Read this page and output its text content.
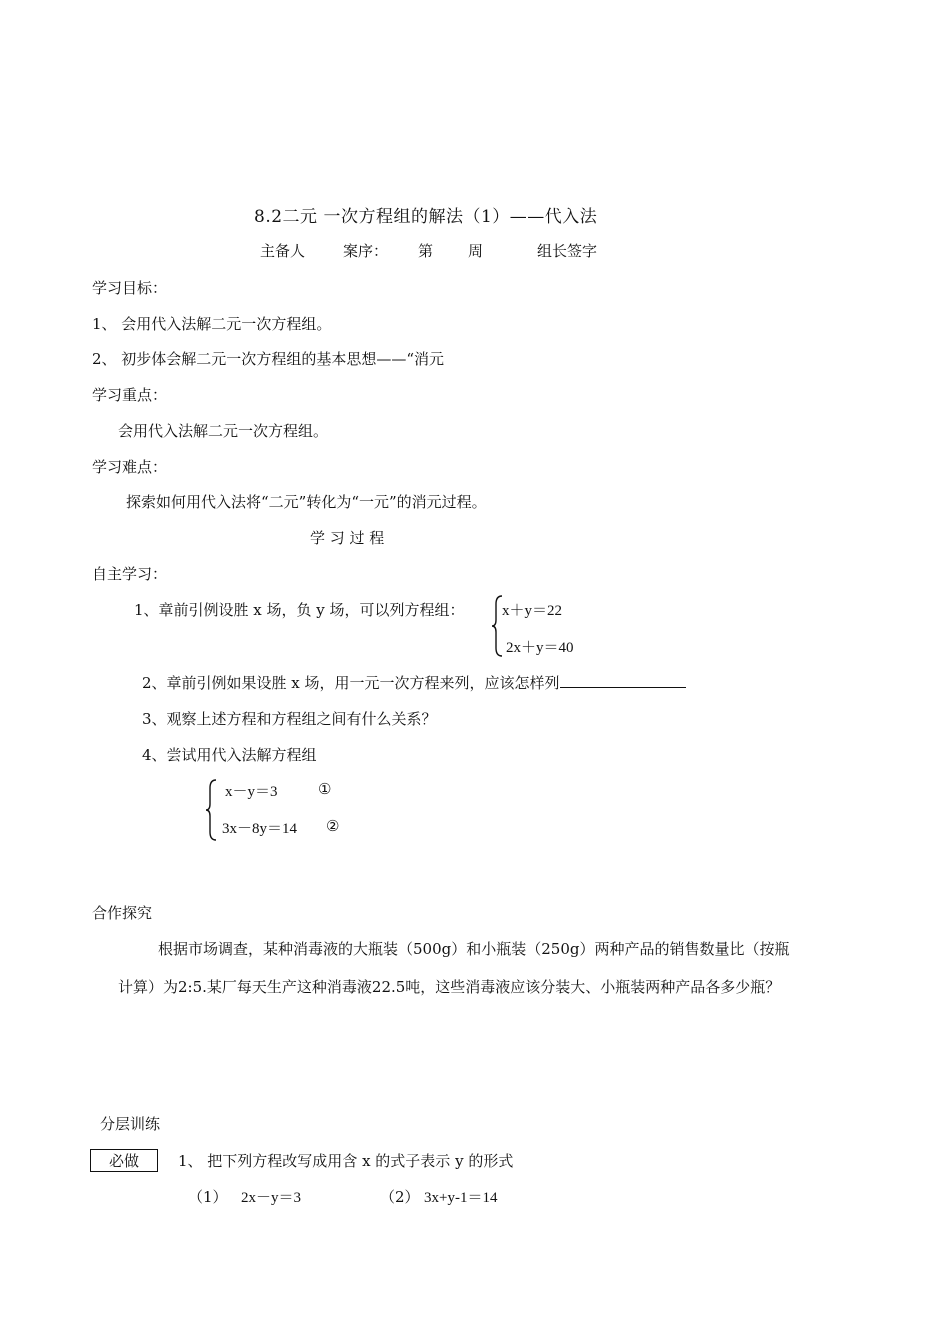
8.2二元 一次方程组的解法（1）——代入法
主备人	案序： 第 周	组长签字
学习目标：
1、 会用代入法解二元一次方程组。
2、 初步体会解二元一次方程组的基本思想——“消元
学习重点：
会用代入法解二元一次方程组。
学习难点：
探索如何用代入法将“二元”转化为“一元”的消元过程。
学 习 过 程
自主学习：
1、章前引例设胜 x 场，负 y 场，可以列方程组： x＋y＝22
2x＋y＝40
2、章前引例如果设胜 x 场，用一元一次方程来列，应该怎样列
3、观察上述方程和方程组之间有什么关系？
4、尝试用代入法解方程组
x－y＝3	①
3x－8y＝14 ②
合作探究
根据市场调查，某种消毒液的大瓶装（500g）和小瓶装（250g）两种产品的销售数量比（按瓶
计算）为2:5.某厂每天生产这种消毒液22.5吨，这些消毒液应该分装大、小瓶装两种产品各多少瓶？
分层训练
必做	1、 把下列方程改写成用含 x 的式子表示 y 的形式
（1） 2x－y＝3	（2） 3x+y-1＝14
